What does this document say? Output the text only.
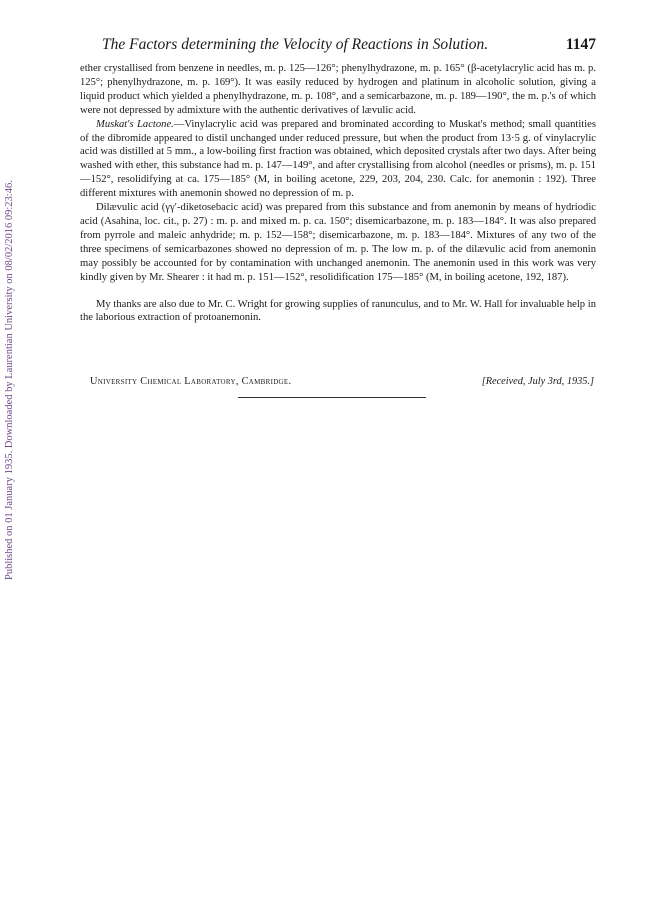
Published on 01 January 1935. Downloaded by Laurentian University on 08/02/2016 09:23:46.
The Factors determining the Velocity of Reactions in Solution.	1147

ether crystallised from benzene in needles, m. p. 125—126°; phenylhydrazone, m. p. 165° (β-acetylacrylic acid has m. p. 125°; phenylhydrazone, m. p. 169°). It was easily reduced by hydrogen and platinum in alcoholic solution, giving a liquid product which yielded a phenylhydrazone, m. p. 108°, and a semicarbazone, m. p. 189—190°, the m. p.'s of which were not depressed by admixture with the authentic derivatives of lævulic acid.

Muskat's Lactone.—Vinylacrylic acid was prepared and brominated according to Muskat's method; small quantities of the dibromide appeared to distil unchanged under reduced pressure, but when the product from 13·5 g. of vinylacrylic acid was distilled at 5 mm., a low-boiling first fraction was obtained, which deposited crystals after two days. After being washed with ether, this substance had m. p. 147—149°, and after crystallising from alcohol (needles or prisms), m. p. 151—152°, resolidifying at ca. 175—185° (M, in boiling acetone, 229, 203, 204, 230. Calc. for anemonin : 192). Three different mixtures with anemonin showed no depression of m. p.

Dilævulic acid (γγ′-diketosebacic acid) was prepared from this substance and from anemonin by means of hydriodic acid (Asahina, loc. cit., p. 27) : m. p. and mixed m. p. ca. 150°; disemicarbazone, m. p. 183—184°. It was also prepared from pyrrole and maleic anhydride; m. p. 152—158°; disemicarbazone, m. p. 183—184°. Mixtures of any two of the three specimens of semicarbazones showed no depression of m. p. The low m. p. of the dilævulic acid from anemonin may possibly be accounted for by contamination with unchanged anemonin. The anemonin used in this work was very kindly given by Mr. Shearer : it had m. p. 151—152°, resolidification 175—185° (M, in boiling acetone, 192, 187).

My thanks are also due to Mr. C. Wright for growing supplies of ranunculus, and to Mr. W. Hall for invaluable help in the laborious extraction of protoanemonin.

University Chemical Laboratory, Cambridge.	[Received, July 3rd, 1935.]
